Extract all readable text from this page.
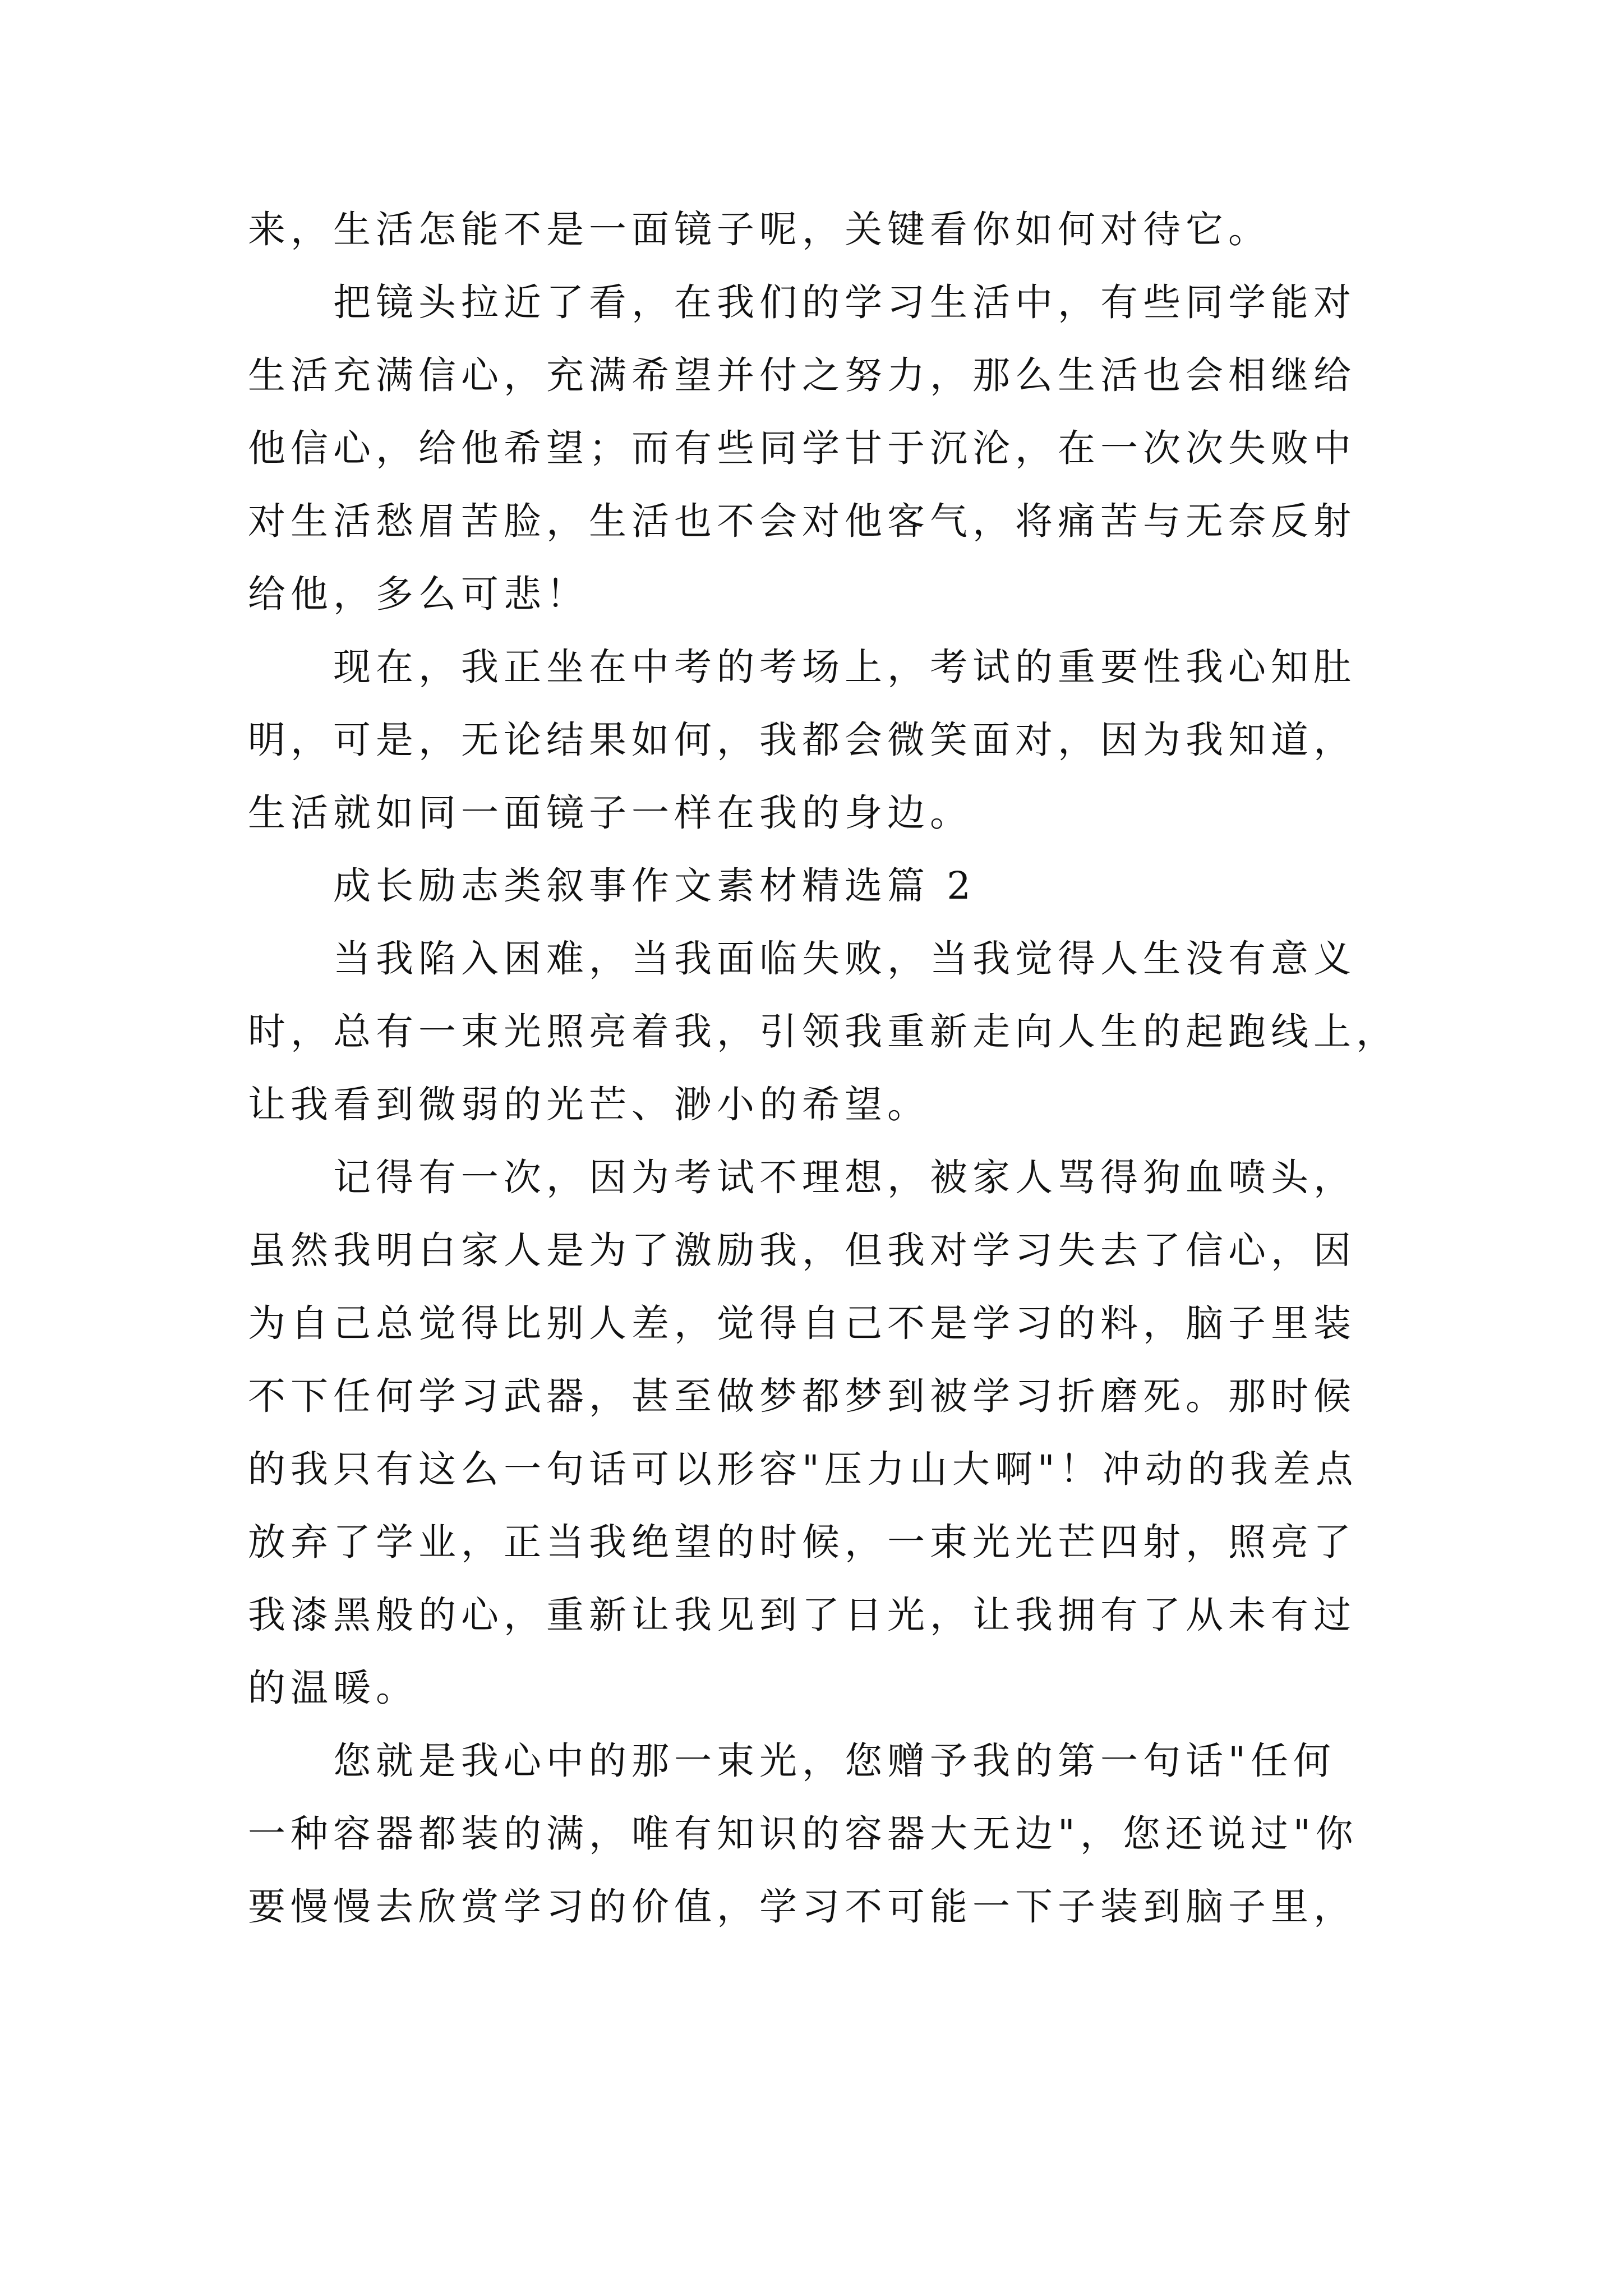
来，生活怎能不是一面镜子呢，关键看你如何对待它。
把镜头拉近了看，在我们的学习生活中，有些同学能对
生活充满信心，充满希望并付之努力，那么生活也会相继给
他信心，给他希望；而有些同学甘于沉沦，在一次次失败中
对生活愁眉苦脸，生活也不会对他客气，将痛苦与无奈反射
给他，多么可悲！
现在，我正坐在中考的考场上，考试的重要性我心知肚
明，可是，无论结果如何，我都会微笑面对，因为我知道，
生活就如同一面镜子一样在我的身边。
成长励志类叙事作文素材精选篇 2
当我陷入困难，当我面临失败，当我觉得人生没有意义
时，总有一束光照亮着我，引领我重新走向人生的起跑线上，
让我看到微弱的光芒、渺小的希望。
记得有一次，因为考试不理想，被家人骂得狗血喷头，
虽然我明白家人是为了激励我，但我对学习失去了信心，因
为自己总觉得比别人差，觉得自己不是学习的料，脑子里装
不下任何学习武器，甚至做梦都梦到被学习折磨死。那时候
的我只有这么一句话可以形容"压力山大啊"！冲动的我差点
放弃了学业，正当我绝望的时候，一束光光芒四射，照亮了
我漆黑般的心，重新让我见到了日光，让我拥有了从未有过
的温暖。
您就是我心中的那一束光，您赠予我的第一句话"任何
一种容器都装的满，唯有知识的容器大无边"，您还说过"你
要慢慢去欣赏学习的价值，学习不可能一下子装到脑子里，
